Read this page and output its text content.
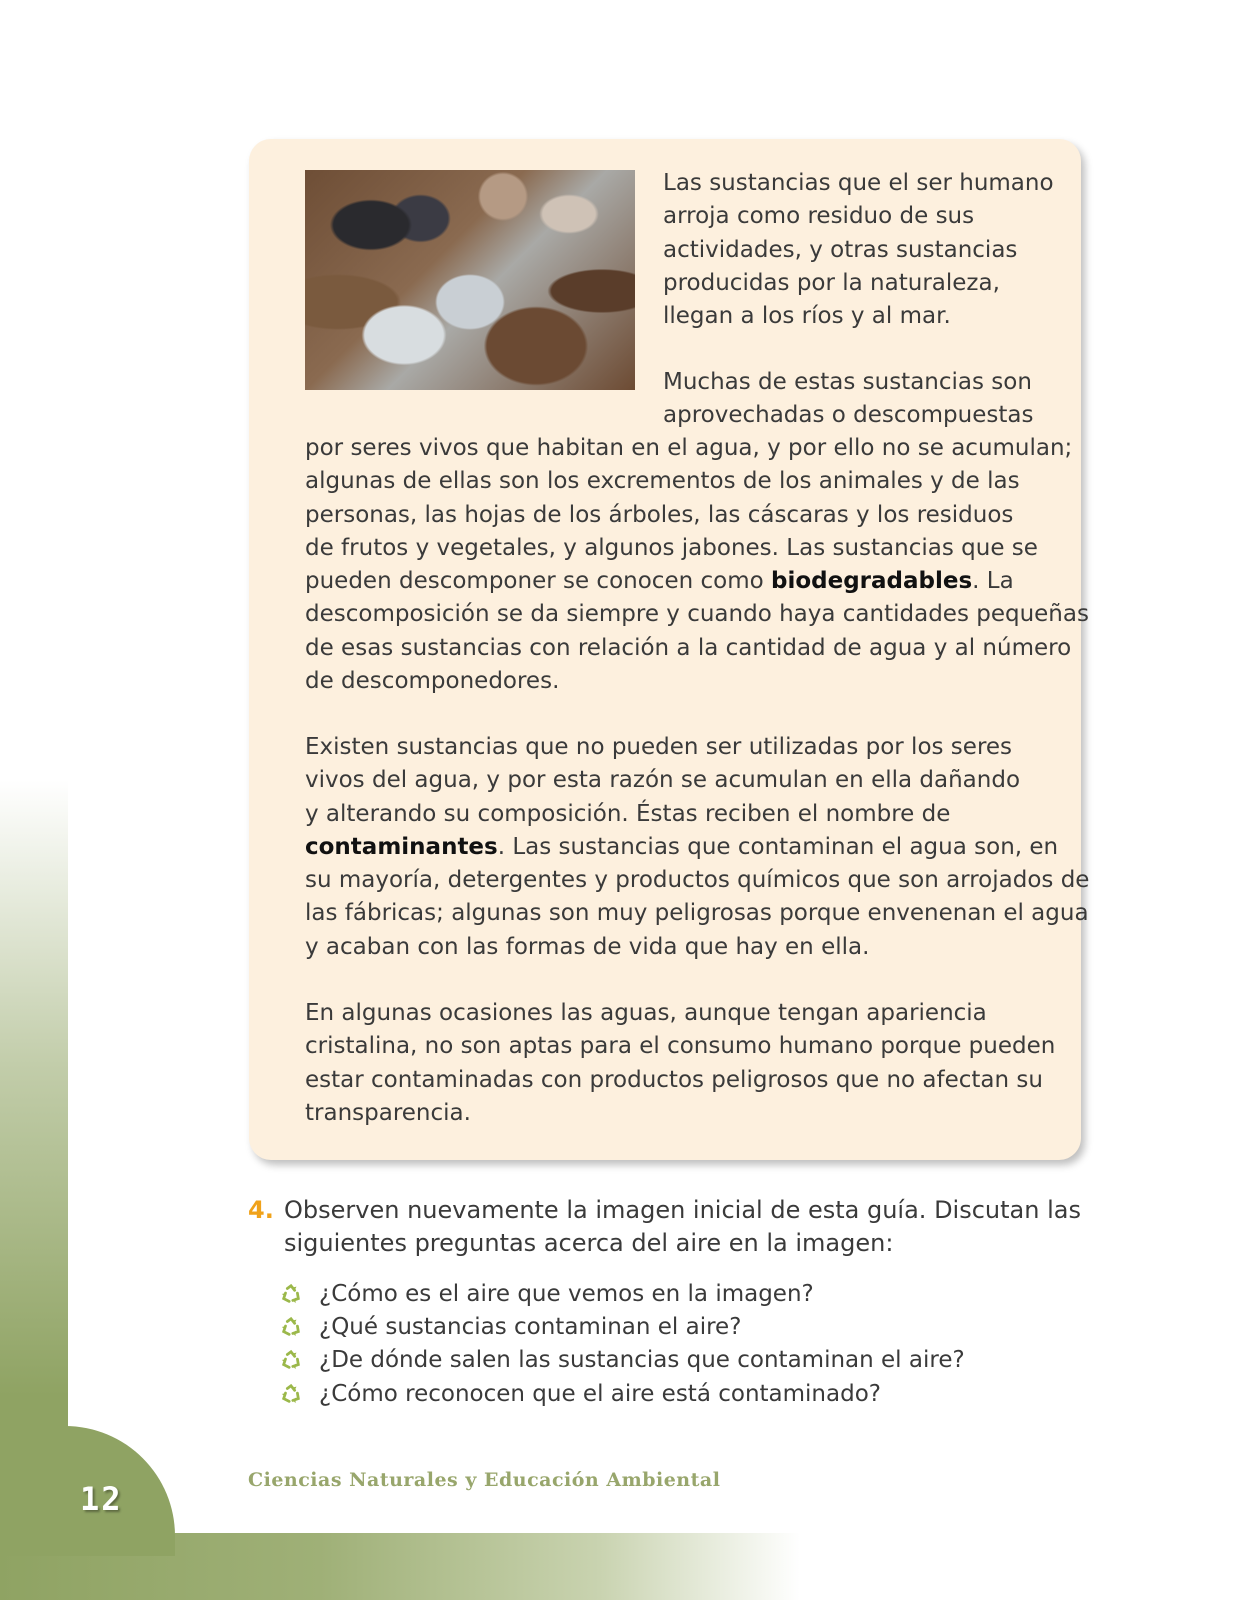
12	Ciencias Naturales y Educación Ambiental
Las sustancias que el ser humano
arroja como residuo de sus
actividades, y otras sustancias
producidas por la naturaleza,
llegan a los ríos y al mar.
Muchas de estas sustancias son
aprovechadas o descompuestas
por seres vivos que habitan en el agua, y por ello no se acumulan;
algunas de ellas son los excrementos de los animales y de las
personas, las hojas de los árboles, las cáscaras y los residuos
de frutos y vegetales, y algunos jabones. Las sustancias que se
pueden descomponer se conocen como biodegradables. La
descomposición se da siempre y cuando haya cantidades pequeñas
de esas sustancias con relación a la cantidad de agua y al número
de descomponedores.
Existen sustancias que no pueden ser utilizadas por los seres
vivos del agua, y por esta razón se acumulan en ella dañando
y alterando su composición. Éstas reciben el nombre de
contaminantes. Las sustancias que contaminan el agua son, en
su mayoría, detergentes y productos químicos que son arrojados de
las fábricas; algunas son muy peligrosas porque envenenan el agua
y acaban con las formas de vida que hay en ella.
En algunas ocasiones las aguas, aunque tengan apariencia
cristalina, no son aptas para el consumo humano porque pueden
estar contaminadas con productos peligrosos que no afectan su
transparencia.
4. Observen nuevamente la imagen inicial de esta guía. Discutan las
siguientes preguntas acerca del aire en la imagen:
¿Cómo es el aire que vemos en la imagen?
¿Qué sustancias contaminan el aire?
¿De dónde salen las sustancias que contaminan el aire?
¿Cómo reconocen que el aire está contaminado?
